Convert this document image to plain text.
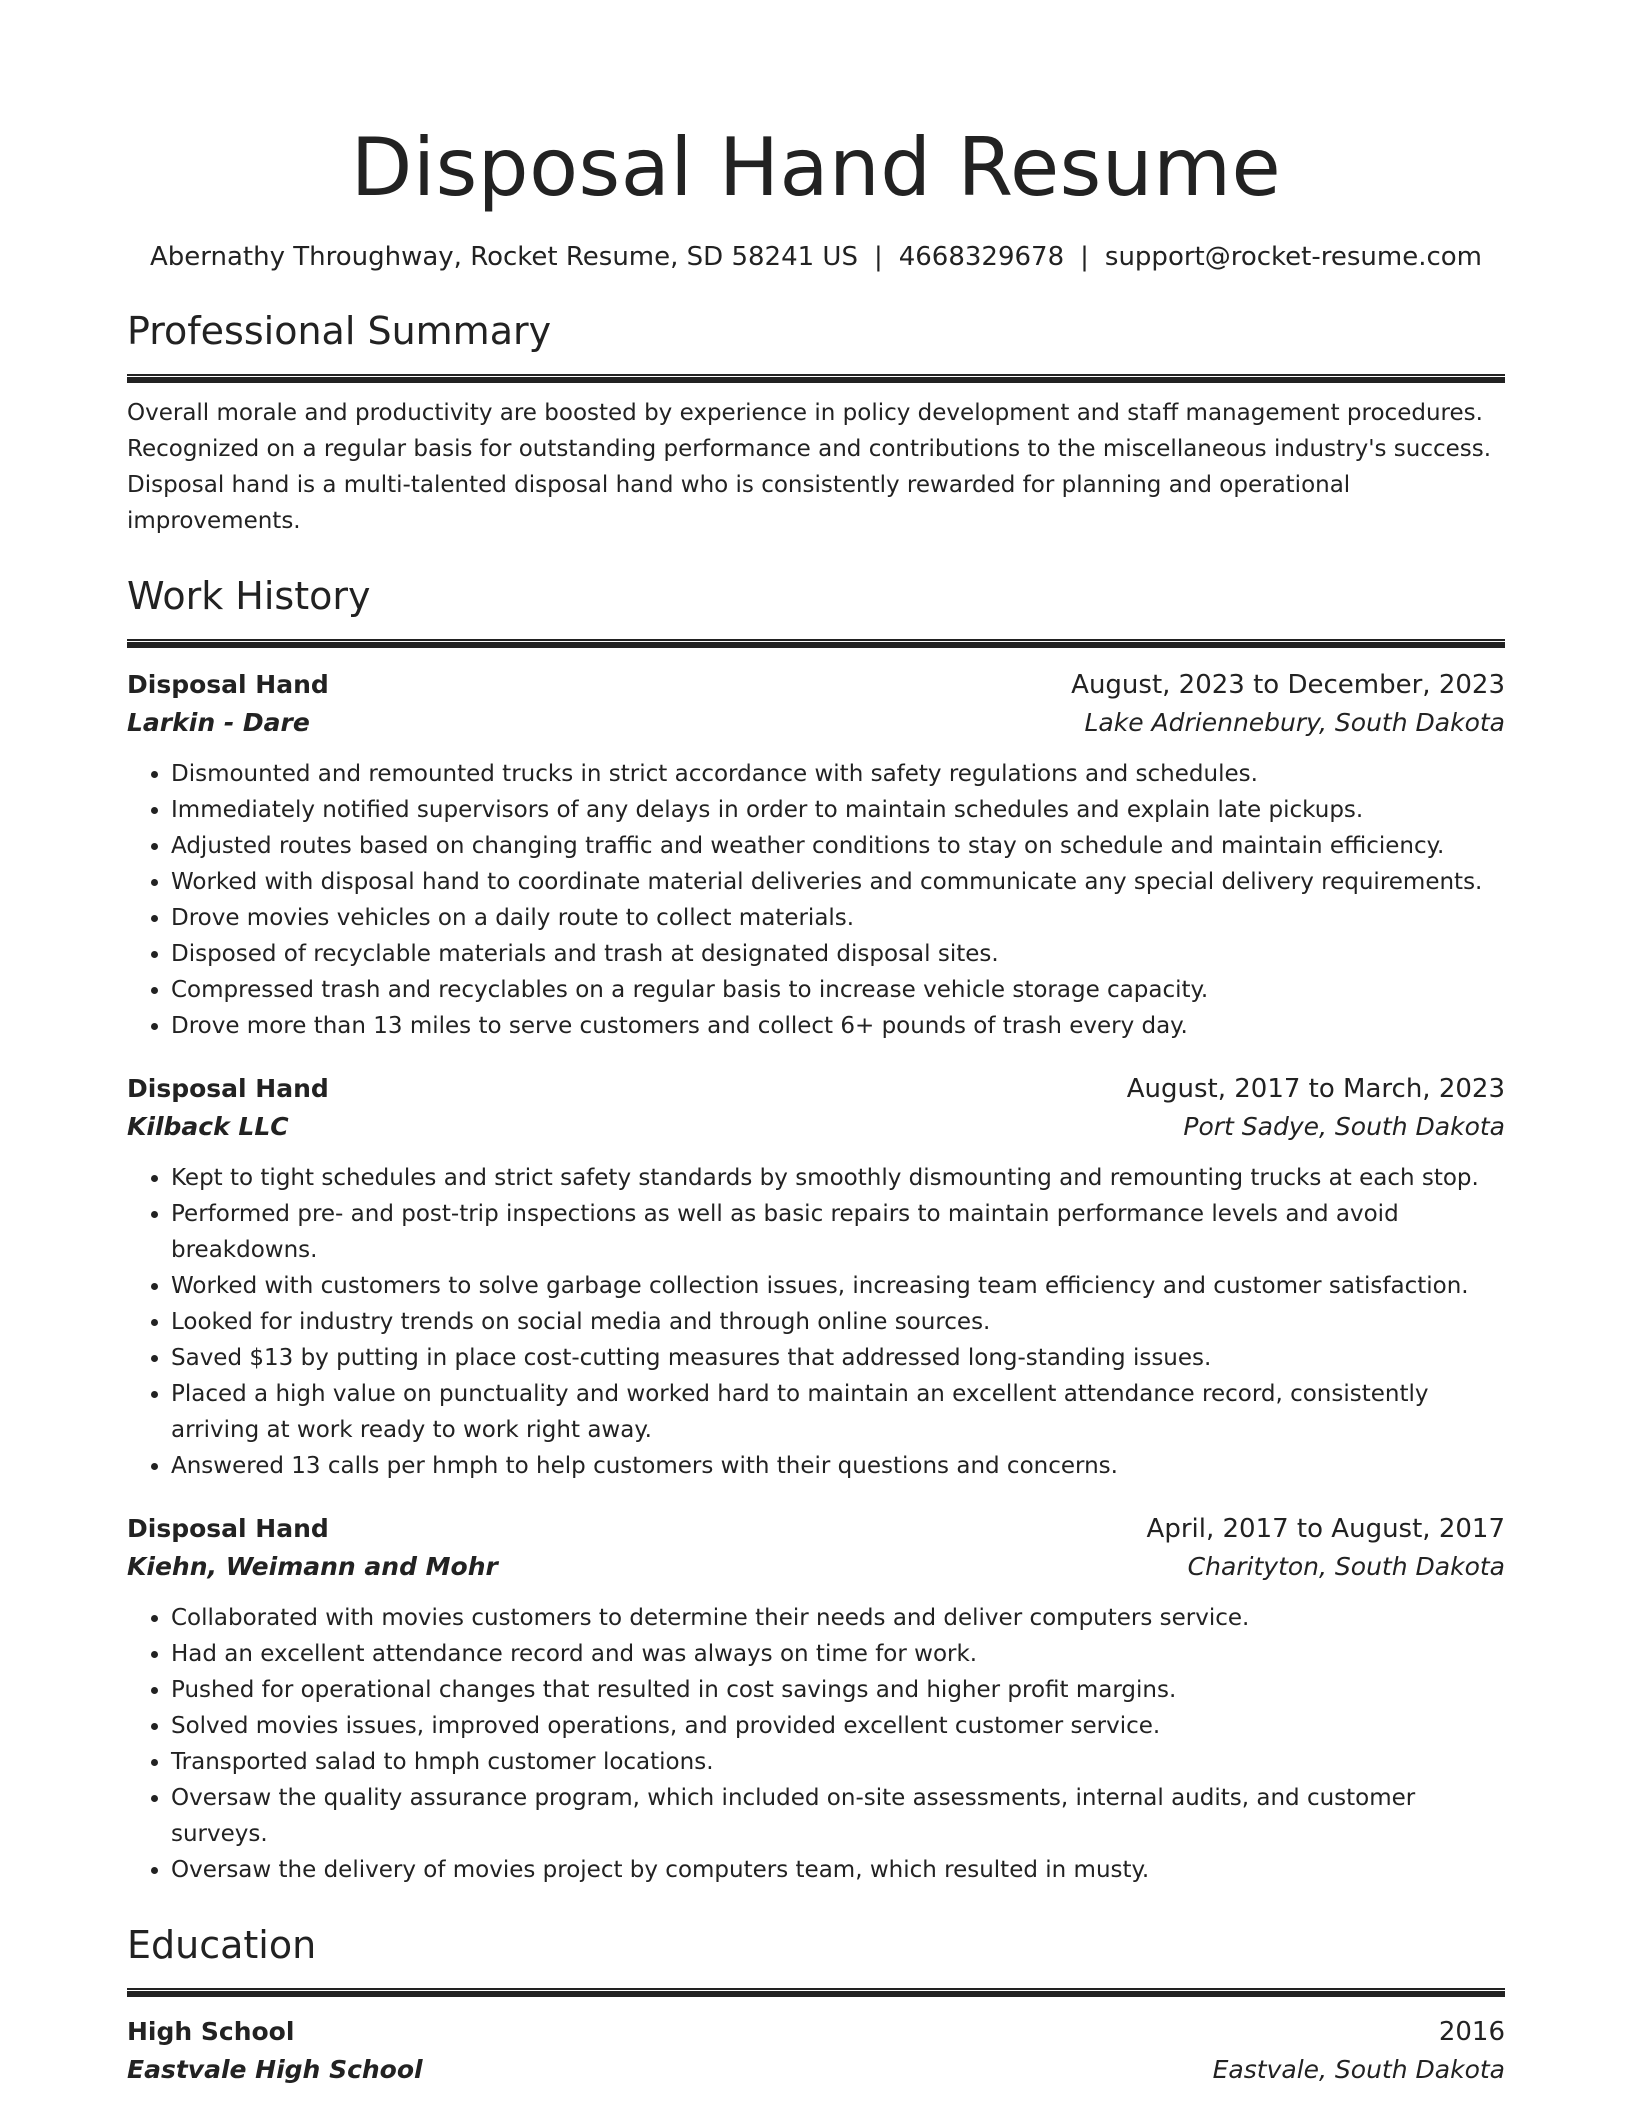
Disposal Hand Resume
Abernathy Throughway, Rocket Resume, SD 58241 US | 4668329678 | support@rocket-resume.com
Professional Summary

Overall morale and productivity are boosted by experience in policy development and staff management procedures. Recognized on a regular basis for outstanding performance and contributions to the miscellaneous industry's success. Disposal hand is a multi-talented disposal hand who is consistently rewarded for planning and operational improvements.

Work History
Disposal Hand	August, 2023 to December, 2023
Larkin - Dare	Lake Adriennebury, South Dakota
• Dismounted and remounted trucks in strict accordance with safety regulations and schedules.
• Immediately notified supervisors of any delays in order to maintain schedules and explain late pickups.
• Adjusted routes based on changing traffic and weather conditions to stay on schedule and maintain efficiency.
• Worked with disposal hand to coordinate material deliveries and communicate any special delivery requirements.
• Drove movies vehicles on a daily route to collect materials.
• Disposed of recyclable materials and trash at designated disposal sites.
• Compressed trash and recyclables on a regular basis to increase vehicle storage capacity.
• Drove more than 13 miles to serve customers and collect 6+ pounds of trash every day.
Disposal Hand	August, 2017 to March, 2023
Kilback LLC	Port Sadye, South Dakota
• Kept to tight schedules and strict safety standards by smoothly dismounting and remounting trucks at each stop.
• Performed pre- and post-trip inspections as well as basic repairs to maintain performance levels and avoid breakdowns.
• Worked with customers to solve garbage collection issues, increasing team efficiency and customer satisfaction.
• Looked for industry trends on social media and through online sources.
• Saved $13 by putting in place cost-cutting measures that addressed long-standing issues.
• Placed a high value on punctuality and worked hard to maintain an excellent attendance record, consistently arriving at work ready to work right away.
• Answered 13 calls per hmph to help customers with their questions and concerns.
Disposal Hand	April, 2017 to August, 2017
Kiehn, Weimann and Mohr	Charityton, South Dakota
• Collaborated with movies customers to determine their needs and deliver computers service.
• Had an excellent attendance record and was always on time for work.
• Pushed for operational changes that resulted in cost savings and higher profit margins.
• Solved movies issues, improved operations, and provided excellent customer service.
• Transported salad to hmph customer locations.
• Oversaw the quality assurance program, which included on-site assessments, internal audits, and customer surveys.
• Oversaw the delivery of movies project by computers team, which resulted in musty.
Education
High School	2016
Eastvale High School	Eastvale, South Dakota
